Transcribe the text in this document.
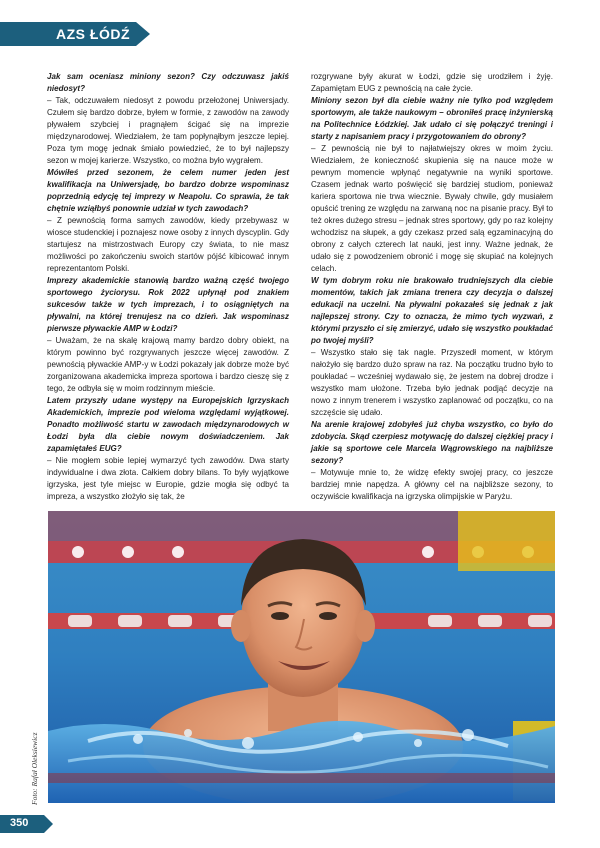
AZS ŁÓDŹ

Jak sam oceniasz miniony sezon? Czy odczuwasz jakiś niedosyt?

– Tak, odczuwałem niedosyt z powodu przełożonej Uniwersjady. Czułem się bardzo dobrze, byłem w formie, z zawodów na zawody pływałem szybciej i pragnąłem ścigać się na imprezie międzynarodowej. Wiedziałem, że tam popłynąłbym jeszcze lepiej. Poza tym mogę jednak śmiało powiedzieć, że to był najlepszy sezon w mojej karierze. Wszystko, co można było wygrałem.

Mówiłeś przed sezonem, że celem numer jeden jest kwalifikacja na Uniwersjadę, bo bardzo dobrze wspominasz poprzednią edycję tej imprezy w Neapolu. Co sprawia, że tak chętnie wziąłbyś ponownie udział w tych zawodach?

– Z pewnością forma samych zawodów, kiedy przebywasz w wiosce studenckiej i poznajesz nowe osoby z innych dyscyplin. Gdy startujesz na mistrzostwach Europy czy świata, to nie masz możliwości po zakończeniu swoich startów pójść kibicować innym reprezentantom Polski.

Imprezy akademickie stanowią bardzo ważną część twojego sportowego życiorysu. Rok 2022 upłynął pod znakiem sukcesów także w tych imprezach, i to osiągniętych na pływalni, na której trenujesz na co dzień. Jak wspominasz pierwsze pływackie AMP w Łodzi?

– Uważam, że na skalę krajową mamy bardzo dobry obiekt, na którym powinno być rozgrywanych jeszcze więcej zawodów. Z pewnością pływackie AMP-y w Łodzi pokazały jak dobrze może być zorganizowana akademicka impreza sportowa i bardzo cieszę się z tego, że odbyła się w moim rodzinnym mieście.

Latem przyszły udane występy na Europejskich Igrzyskach Akademickich, imprezie pod wieloma względami wyjątkowej. Ponadto możliwość startu w zawodach międzynarodowych w Łodzi była dla ciebie nowym doświadczeniem. Jak zapamiętałeś EUG?

– Nie mogłem sobie lepiej wymarzyć tych zawodów. Dwa starty indywidualne i dwa złota. Całkiem dobry bilans. To były wyjątkowe igrzyska, jest tyle miejsc w Europie, gdzie mogła się odbyć ta impreza, a wszystko złożyło się tak, że

rozgrywane były akurat w Łodzi, gdzie się urodziłem i żyję. Zapamiętam EUG z pewnością na całe życie.

Miniony sezon był dla ciebie ważny nie tylko pod względem sportowym, ale także naukowym – obroniłeś pracę inżynierską na Politechnice Łódzkiej. Jak udało ci się połączyć treningi i starty z napisaniem pracy i przygotowaniem do obrony?

– Z pewnością nie był to najłatwiejszy okres w moim życiu. Wiedziałem, że konieczność skupienia się na nauce może w pewnym momencie wpłynąć negatywnie na wyniki sportowe. Czasem jednak warto poświęcić się bardziej studiom, ponieważ kariera sportowa nie trwa wiecznie. Bywały chwile, gdy musiałem opuścić trening ze względu na zarwaną noc na pisanie pracy. Był to też okres dużego stresu – jednak stres sportowy, gdy po raz kolejny wchodzisz na słupek, a gdy czekasz przed salą egzaminacyjną do obrony z całych czterech lat nauki, jest inny. Ważne jednak, że udało się z powodzeniem obronić i mogę się skupiać na kolejnych celach.

W tym dobrym roku nie brakowało trudniejszych dla ciebie momentów, takich jak zmiana trenera czy decyzja o dalszej edukacji na uczelni. Na pływalni pokazałeś się jednak z jak najlepszej strony. Czy to oznacza, że mimo tych wyzwań, z którymi przyszło ci się zmierzyć, udało się wszystko poukładać po twojej myśli?

– Wszystko stało się tak nagle. Przyszedł moment, w którym nałożyło się bardzo dużo spraw na raz. Na początku trudno było to poukładać – wcześniej wydawało się, że jestem na dobrej drodze i wszystko mam ułożone. Trzeba było jednak podjąć decyzje na nowo z innym trenerem i wszystko zaplanować od początku, co na szczęście się udało.

Na arenie krajowej zdobyłeś już chyba wszystko, co było do zdobycia. Skąd czerpiesz motywację do dalszej ciężkiej pracy i jakie są sportowe cele Marcela Wągrowskiego na najbliższe sezony?

– Motywuje mnie to, że widzę efekty swojej pracy, co jeszcze bardziej mnie napędza. A główny cel na najbliższe sezony, to oczywiście kwalifikacja na igrzyska olimpijskie w Paryżu.

Foto: Rafał Oleksiewicz
350
